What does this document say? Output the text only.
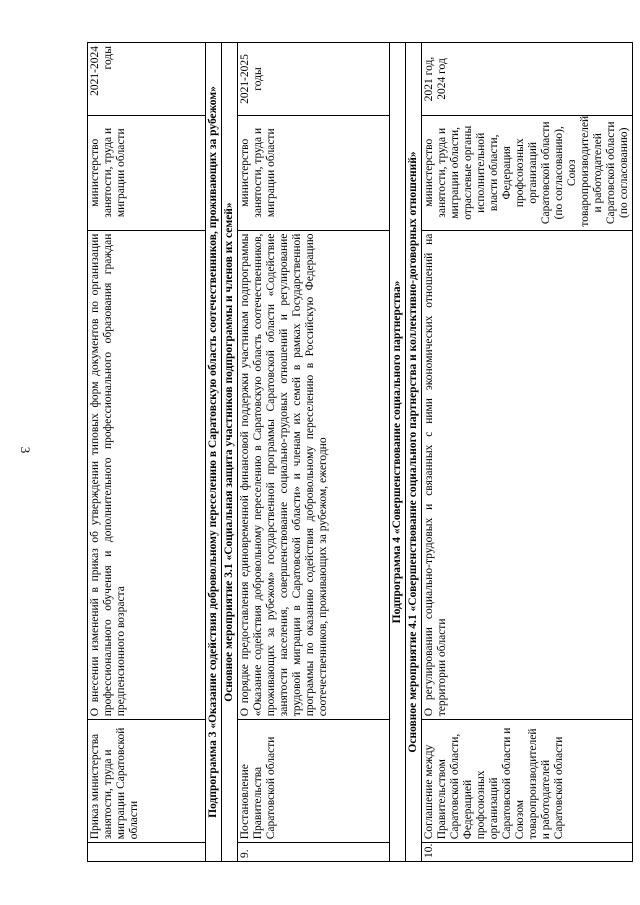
3
	Приказ министерства занятости, труда и миграции Саратовской области	О внесении изменений в приказ об утверждении типовых форм документов по организации профессионального обучения и дополнительного профессионального образования граждан предпенсионного возраста	министерство занятости, труда и миграции области	2021-2024 годы
Подпрограмма 3 «Оказание содействия добровольному переселению в Саратовскую область соотечественников, проживающих за рубежом»				
Основное мероприятие 3.1 «Социальная защита участников подпрограммы и членов их семей»				
9.	Постановление Правительства Саратовской области	О порядке предоставления единовременной финансовой поддержки участникам подпрограммы «Оказание содействия добровольному переселению в Саратовскую область соотечественников, проживающих за рубежом» государственной программы Саратовской области «Содействие занятости населения, совершенствование социально-трудовых отношений и регулирование трудовой миграции в Саратовской области» и членам их семей в рамках Государственной программы по оказанию содействия добровольному переселению в Российскую Федерацию соотечественников, проживающих за рубежом, ежегодно	министерство занятости, труда и миграции области	2021-2025 годы
Подпрограмма 4 «Совершенствование социального партнерства»				
Основное мероприятие 4.1 «Совершенствование социального партнерства и коллективно-договорных отношений»				
10.	Соглашение между Правительством Саратовской области, Федерацией профсоюзных организаций Саратовской области и Союзом товаропроизводителей и работодателей Саратовской области	О регулировании социально-трудовых и связанных с ними экономических отношений на территории области	министерство занятости, труда и миграции области, отраслевые органы исполнительной власти области, Федерация профсоюзных организаций Саратовской области (по согласованию), Союз товаропроизводителей и работодателей Саратовской области (по согласованию)	2021 год, 2024 год
